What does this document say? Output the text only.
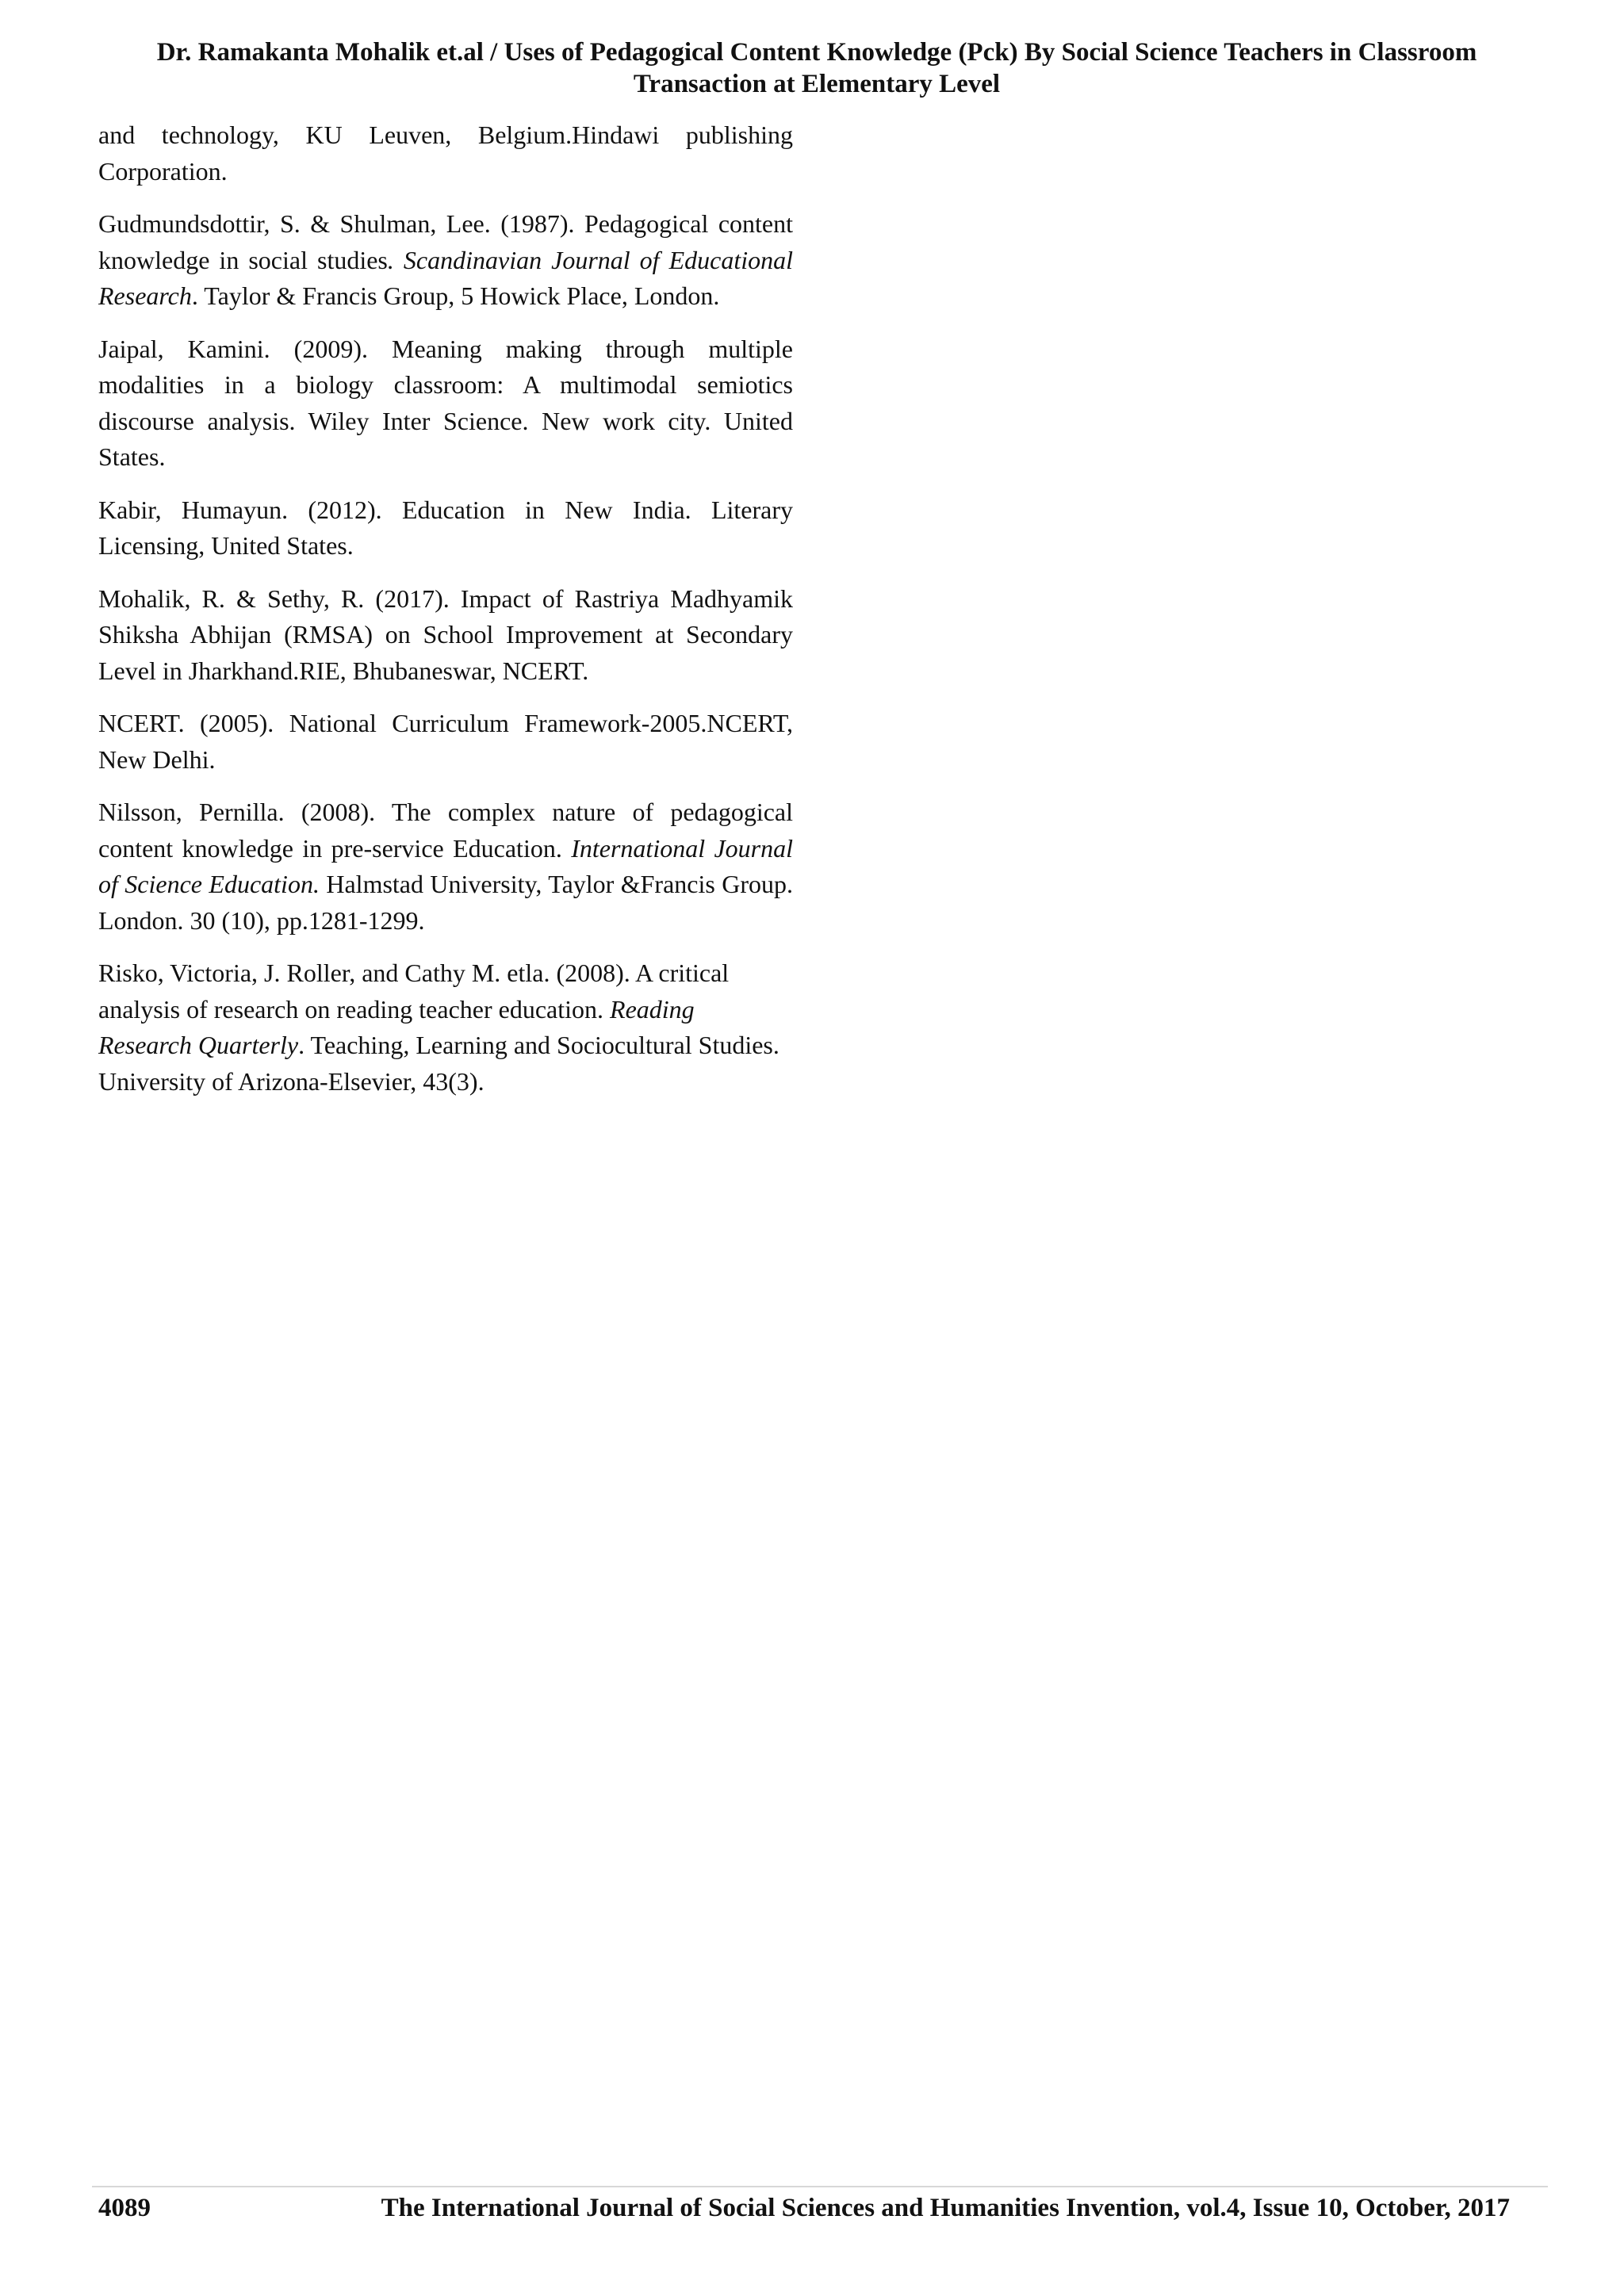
Dr. Ramakanta Mohalik et.al / Uses of Pedagogical Content Knowledge (Pck) By Social Science Teachers in Classroom
Transaction at Elementary Level

and technology, KU Leuven, Belgium.Hindawi publishing Corporation.

Gudmundsdottir, S. & Shulman, Lee. (1987). Pedagogical content knowledge in social studies. Scandinavian Journal of Educational Research. Taylor & Francis Group, 5 Howick Place, London.

Jaipal, Kamini. (2009). Meaning making through multiple modalities in a biology classroom: A multimodal semiotics discourse analysis. Wiley Inter Science. New work city. United States.

Kabir, Humayun. (2012). Education in New India. Literary Licensing, United States.

Mohalik, R. & Sethy, R. (2017). Impact of Rastriya Madhyamik Shiksha Abhijan (RMSA) on School Improvement at Secondary Level in Jharkhand.RIE, Bhubaneswar, NCERT.

NCERT. (2005). National Curriculum Framework-2005.NCERT, New Delhi.

Nilsson, Pernilla. (2008). The complex nature of pedagogical content knowledge in pre-service Education. International Journal of Science Education. Halmstad University, Taylor &Francis Group. London. 30 (10), pp.1281-1299.

Risko, Victoria, J. Roller, and Cathy M. etla. (2008). A critical analysis of research on reading teacher education. Reading Research Quarterly. Teaching, Learning and Sociocultural Studies. University of Arizona-Elsevier, 43(3).

4089	The International Journal of Social Sciences and Humanities Invention, vol.4, Issue 10, October, 2017
